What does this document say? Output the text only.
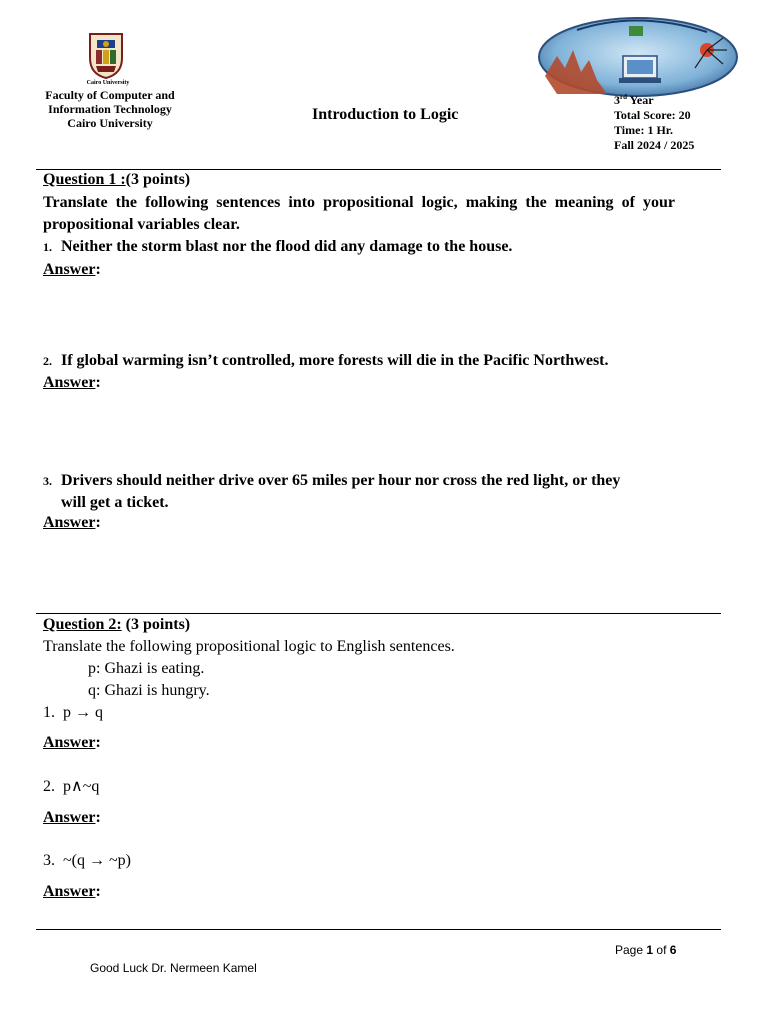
Cairo University
Faculty of Computer and
Information Technology
Cairo University	Introduction to Logic
3rd Year
Total Score: 20
Time: 1 Hr.
Fall 2024 / 2025
Question 1 :(3 points)
Translate the following sentences into propositional logic, making the meaning of your propositional variables clear.
1. Neither the storm blast nor the flood did any damage to the house.
Answer:
2. If global warming isn’t controlled, more forests will die in the Pacific Northwest.
Answer:
3. Drivers should neither drive over 65 miles per hour nor cross the red light, or they
will get a ticket.
Answer:
Question 2: (3 points)
Translate the following propositional logic to English sentences.
p: Ghazi is eating.
q: Ghazi is hungry.
1. p → q
Answer:
2. p∧~q
Answer:
3. ~(q → ~p)
Answer:
Page 1 of 6
Good Luck Dr. Nermeen Kamel
